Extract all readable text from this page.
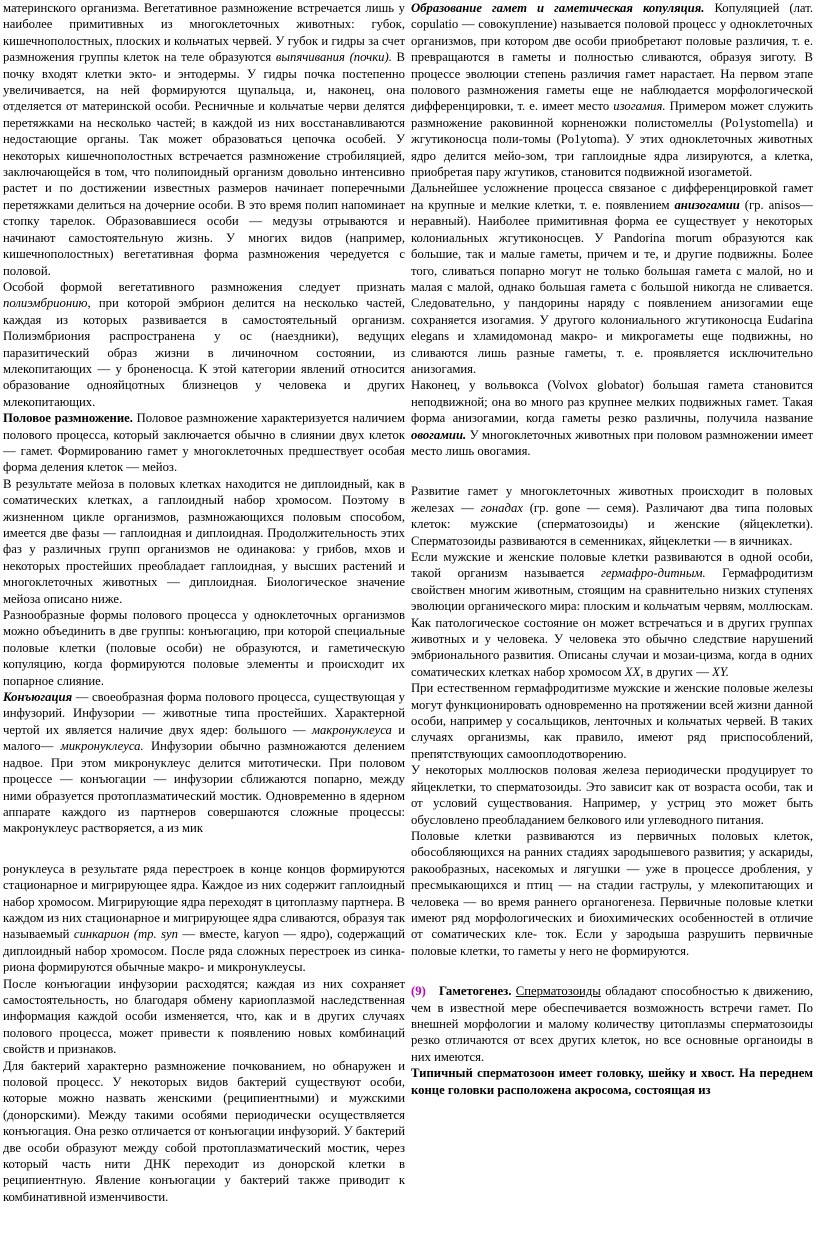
материнского организма. Вегетативное размножение встречается лишь у наиболее примитивных из многоклеточных животных: губок, кишечнополостных, плоских и кольчатых червей. У губок и гидры за счет размножения группы клеток на теле образуются выпячивания (почки). В почку входят клетки экто- и энтодермы. У гидры почка постепенно увеличивается, на ней формируются щупальца, и, наконец, она отделяется от материнской особи. Ресничные и кольчатые черви делятся перетяжками на несколько частей; в каждой из них восстанавливаются недостающие органы. Так может образоваться цепочка особей. У некоторых кишечнополостных встречается размножение стробиляцией, заключающейся в том, что полипоидный организм довольно интенсивно растет и по достижении известных размеров начинает поперечными перетяжками делиться на дочерние особи. В это время полип напоминает стопку тарелок. Образовавшиеся особи — медузы отрываются и начинают самостоятельную жизнь. У многих видов (например, кишечнополостных) вегетативная форма размножения чередуется с половой.

Особой формой вегетативного размножения следует признать полиэмбрионию, при которой эмбрион делится на несколько частей, каждая из которых развивается в самостоятельный организм. Полиэмбриония распространена у ос (наездники), ведущих паразитический образ жизни в личиночном состоянии, из млекопитающих — у броненосца. К этой категории явлений относится образование однояйцотных близнецов у человека и других млекопитающих.

Половое размножение. Половое размножение характеризуется наличием полового процесса, который заключается обычно в слиянии двух клеток — гамет. Формированию гамет у многоклеточных предшествует особая форма деления клеток — мейоз.

В результате мейоза в половых клетках находится не диплоидный, как в соматических клетках, а гаплоидный набор хромосом. Поэтому в жизненном цикле организмов, размножающихся половым способом, имеется две фазы — гаплоидная и диплоидная. Продолжительность этих фаз у различных групп организмов не одинакова: у грибов, мхов и некоторых простейших преобладает гаплоидная, у высших растений и многоклеточных животных — диплоидная. Биологическое значение мейоза описано ниже.

Разнообразные формы полового процесса у одноклеточных организмов можно объединить в две группы: конъюгацию, при которой специальные половые клетки (половые особи) не образуются, и гаметическую копуляцию, когда формируются половые элементы и происходит их попарное слияние.

Конъюгация — своеобразная форма полового процесса, существующая у инфузорий. Инфузории — животные типа простейших. Характерной чертой их является наличие двух ядер: большого — макронуклеуса и малого— микронуклеуса. Инфузории обычно размножаются делением надвое. При этом микронуклеус делится митотически. При половом процессе — конъюгации — инфузории сближаются попарно, между ними образуется протоплазматический мостик. Одновременно в ядерном аппарате каждого из партнеров совершаются сложные процессы: макронуклеус растворяется, а из мик

ронуклеуса в результате ряда перестроек в конце концов формируются стационарное и мигрирующее ядра. Каждое из них содержит гаплоидный набор хромосом. Мигрирующие ядра переходят в цитоплазму партнера. В каждом из них стационарное и мигрирующее ядра сливаются, образуя так называемый синкарион (тр. syn — вместе, karyon — ядро), содержащий диплоидный набор хромосом. После ряда сложных перестроек из синка-риона формируются обычные макро- и микронуклеусы.

После конъюгации инфузории расходятся; каждая из них сохраняет самостоятельность, но благодаря обмену кариоплазмой наследственная информация каждой особи изменяется, что, как и в других случаях полового процесса, может привести к появлению новых комбинаций свойств и признаков.

Для бактерий характерно размножение почкованием, но обнаружен и половой процесс. У некоторых видов бактерий существуют особи, которые можно назвать женскими (реципиентными) и мужскими (донорскими). Между такими особями периодически осуществляется конъюгация. Она резко отличается от конъюгации инфузорий. У бактерий две особи образуют между собой протоплазматический мостик, через который часть нити ДНК переходит из донорской клетки в реципиентную. Явление конъюгации у бактерий также приводит к комбинативной изменчивости.

Образование гамет и гаметическая копуляция. Копуляцией (лат. copulatio — совокупление) называется половой процесс у одноклеточных организмов, при котором две особи приобретают половые различия, т. е. превращаются в гаметы и полностью сливаются, образуя зиготу. В процессе эволюции степень различия гамет нарастает. На первом этапе полового размножения гаметы еще не наблюдается морфологической дифференцировки, т. е. имеет место изогамия. Примером может служить размножение раковинной корненожки полистомеллы (Po1ystomella) и жгутиконосца поли-томы (Po1ytoma). У этих одноклеточных животных ядро делится мейо-зом, три гаплоидные ядра лизируются, а клетка, приобретая пару жгутиков, становится подвижной изогаметой.

Дальнейшее усложнение процесса связаное с дифференцировкой гамет на крупные и мелкие клетки, т. е. появлением анизогамии (гр. anisos— неравный). Наиболее примитивная форма ее существует у некоторых колониальных жгутиконосцев. У Pandorina morum образуются как большие, так и малые гаметы, причем и те, и другие подвижны. Более того, сливаться попарно могут не только большая гамета с малой, но и малая с малой, однако большая гамета с большой никогда не сливается. Следовательно, у пандорины наряду с появлением анизогамии еще сохраняется изогамия. У другого колониального жгутиконосца Eudarina elegans и хламидомонад макро- и микрогаметы еще подвижны, но сливаются лишь разные гаметы, т. е. проявляется исключительно анизогамия.

Наконец, у вольвокса (Volvox globator) большая гамета становится неподвижной; она во много раз крупнее мелких подвижных гамет. Такая форма анизогамии, когда гаметы резко различны, получила название овогамии. У многоклеточных животных при половом размножении имеет место лишь овогамия.

Развитие гамет у многоклеточных животных происходит в половых железах — гонадах (гр. gone — семя). Различают два типа половых клеток: мужские (сперматозоиды) и женские (яйцеклетки). Сперматозоиды развиваются в семенниках, яйцеклетки — в яичниках.

Если мужские и женские половые клетки развиваются в одной особи, такой организм называется гермафро-дитным. Гермафродитизм свойствен многим животным, стоящим на сравнительно низких ступенях эволюции органического мира: плоским и кольчатым червям, моллюскам. Как патологическое состояние он может встречаться и в других группах животных и у человека. У человека это обычно следствие нарушений эмбрионального развития. Описаны случаи и мозаи-цизма, когда в одних соматических клетках набор хромосом XX, в других — XY.

При естественном гермафродитизме мужские и женские половые железы могут функционировать одновременно на протяжении всей жизни данной особи, например у сосальщиков, ленточных и кольчатых червей. В таких случаях организмы, как правило, имеют ряд приспособлений, препятствующих самооплодотворению.

У некоторых моллюсков половая железа периодически продуцирует то яйцеклетки, то сперматозоиды. Это зависит как от возраста особи, так и от условий существования. Например, у устриц это может быть обусловлено преобладанием белкового или углеводного питания.

Половые клетки развиваются из первичных половых клеток, обособляющихся на ранних стадиях зародышевого развития; у аскариды, ракообразных, насекомых и лягушки — уже в процессе дробления, у пресмыкающихся и птиц — на стадии гаструлы, у млекопитающих и человека — во время раннего органогенеза. Первичные половые клетки имеют ряд морфологических и биохимических особенностей в отличие от соматических кле- ток. Если у зародыша разрушить первичные половые клетки, то гаметы у него не формируются.

(9) Гаметогенез. Сперматозоиды обладают способностью к движению, чем в известной мере обеспечивается возможность встречи гамет. По внешней морфологии и малому количеству цитоплазмы сперматозоиды резко отличаются от всех других клеток, но все основные органоиды в них имеются.

Типичный сперматозоон имеет головку, шейку и хвост. На переднем конце головки расположена акросома, состоящая из
